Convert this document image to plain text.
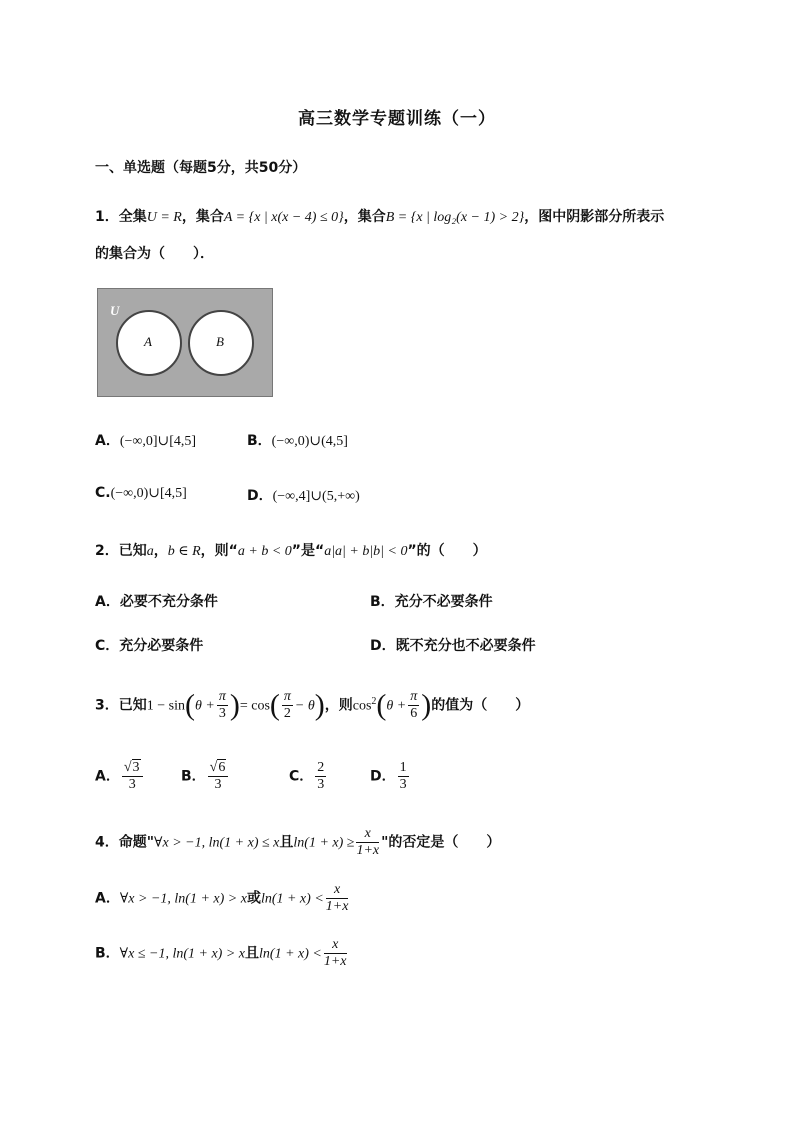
高三数学专题训练（一）
一、单选题（每题5分，共50分）
1．全集U = R，集合A = {x | x(x − 4) ≤ 0}，集合B = {x | log₂(x − 1) > 2}，图中阴影部分所表示
的集合为（　　）．
U
A	B
A．(−∞,0]∪[4,5]	B．(−∞,0)∪(4,5]
C.(−∞,0)∪[4,5]	D．(−∞,4]∪(5,+∞)
2．已知a，b ∈ R，则“a + b < 0”是“a|a| + b|b| < 0”的（　　）
A．必要不充分条件	B．充分不必要条件
C．充分必要条件	D．既不充分也不必要条件
3．已知$1 - \sin(\theta + \frac{\pi}{3}$ )= $\cos( \frac{\pi}{2} - \theta)$，则$\cos^2(\theta + \frac{\pi}{6}$ )的值为（　　）
A． $\frac{√3}{3}$	B． $\frac{√6}{3}$	C． $\frac{2}{3}$	D． $\frac{1}{3}$
4．命题"∀x > −1, ln(1 + x) ≤ x且$\ln(1 + x) \ge \frac{x}{1+x}$ "的否定是（　　）
A．∀x > −1, ln(1 + x) > x或$\ln(1 + x) < \frac{x}{1+x}$
B．∀x ≤ −1, ln(1 + x) > x且$\ln(1 + x) < \frac{x}{1+x}$
